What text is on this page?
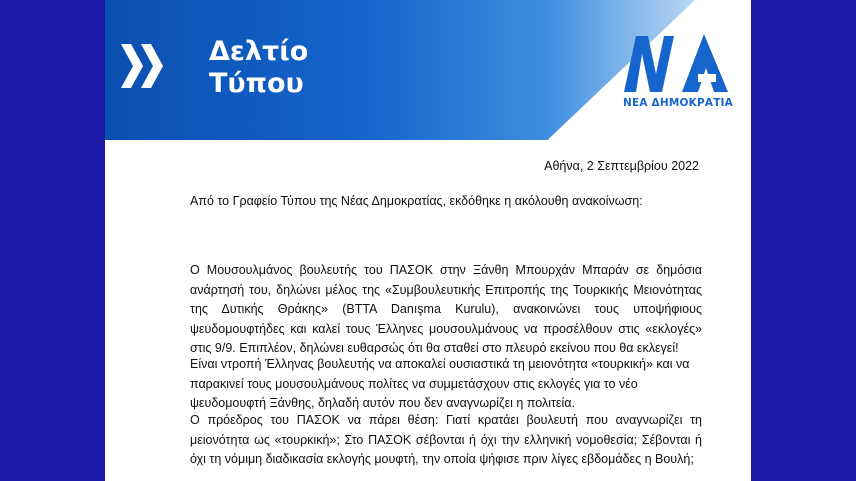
Δελτίο
Τύπου
ΝΕΑ ΔΗΜΟΚΡΑΤΙΑ
Αθήνα, 2 Σεπτεμβρίου 2022
Από το Γραφείο Τύπου της Νέας Δημοκρατίας, εκδόθηκε η ακόλουθη ανακοίνωση:
Ο Μουσουλμάνος βουλευτής του ΠΑΣΟΚ στην Ξάνθη Μπουρχάν Μπαράν σε δημόσια ανάρτησή του, δηλώνει μέλος της «Συμβουλευτικής Επιτροπής της Τουρκικής Μειονότητας της Δυτικής Θράκης» (BTTA Danışma Kurulu), ανακοινώνει τους υποψήφιους ψευδομουφτήδες και καλεί τους Έλληνες μουσουλμάνους να προσέλθουν στις «εκλογές» στις 9/9. Επιπλέον, δηλώνει ευθαρσώς ότι θα σταθεί στο πλευρό εκείνου που θα εκλεγεί!
Είναι ντροπή Έλληνας βουλευτής να αποκαλεί ουσιαστικά τη μειονότητα «τουρκική» και να παρακινεί τους μουσουλμάνους πολίτες να συμμετάσχουν στις εκλογές για το νέο ψευδομουφτή Ξάνθης, δηλαδή αυτόν που δεν αναγνωρίζει η πολιτεία.
Ο πρόεδρος του ΠΑΣΟΚ να πάρει θέση: Γιατί κρατάει βουλευτή που αναγνωρίζει τη μειονότητα ως «τουρκική»; Στο ΠΑΣΟΚ σέβονται ή όχι την ελληνική νομοθεσία; Σέβονται ή όχι τη νόμιμη διαδικασία εκλογής μουφτή, την οποία ψήφισε πριν λίγες εβδομάδες η Βουλή;
